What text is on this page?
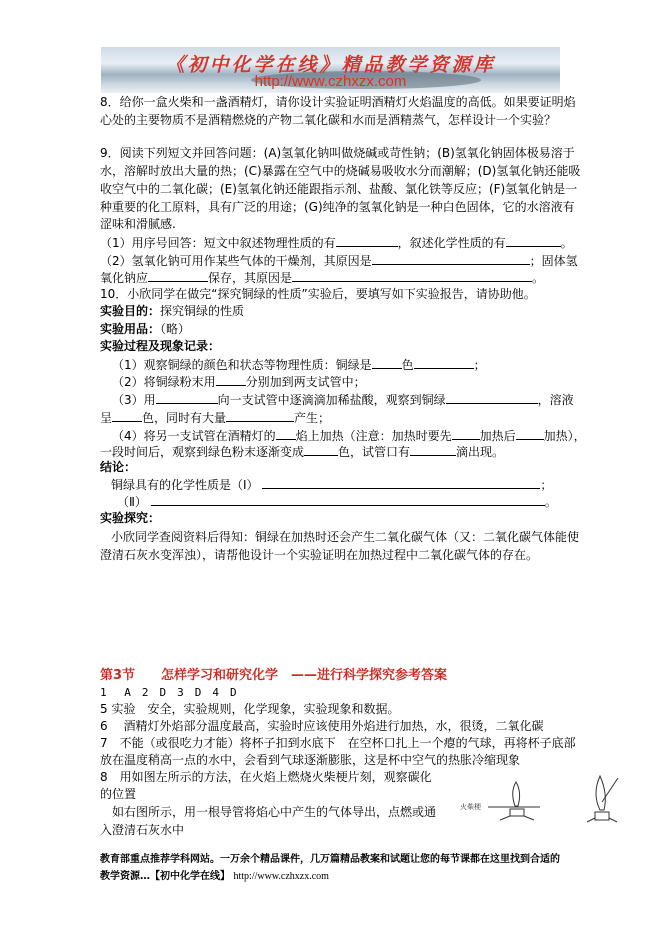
《初中化学在线》精品教学资源库
http://www.czhxzx.com
8．给你一盒火柴和一盏酒精灯，请你设计实验证明酒精灯火焰温度的高低。如果要证明焰
心处的主要物质不是酒精燃烧的产物二氧化碳和水而是酒精蒸气，怎样设计一个实验？
9．阅读下列短文并回答问题：(A)氢氧化钠叫做烧碱或苛性钠；(B)氢氧化钠固体极易溶于
水，溶解时放出大量的热；(C)暴露在空气中的烧碱易吸收水分而潮解；(D)氢氧化钠还能吸
收空气中的二氧化碳；(E)氢氧化钠还能跟指示剂、盐酸、氯化铁等反应；(F)氢氧化钠是一
种重要的化工原料，具有广泛的用途；(G)纯净的氢氧化钠是一种白色固体，它的水溶液有
涩味和滑腻感.
（1）用序号回答：短文中叙述物理性质的有	，叙述化学性质的有	。
（2）氢氧化钠可用作某些气体的干燥剂，其原因是	；固体氢
氧化钠应	保存，其原因是	。
10．小欣同学在做完“探究铜绿的性质”实验后，要填写如下实验报告，请协助他。
实验目的：探究铜绿的性质
实验用品：（略）
实验过程及现象记录：
（1）观察铜绿的颜色和状态等物理性质：铜绿是	色	；
（2）将铜绿粉末用	分别加到两支试管中；
（3）用	向一支试管中逐滴滴加稀盐酸，观察到铜绿	，溶液
呈	色，同时有大量	产生；
（4）将另一支试管在酒精灯的 焰上加热（注意：加热时要先 加热后 加热），
一段时间后，观察到绿色粉末逐渐变成	色，试管口有	滴出现。
结论：
铜绿具有的化学性质是（Ⅰ）	；
（Ⅱ）	。
实验探究：
小欣同学查阅资料后得知：铜绿在加热时还会产生二氧化碳气体（又：二氧化碳气体能使
澄清石灰水变浑浊），请帮他设计一个实验证明在加热过程中二氧化碳气体的存在。
第3节　　怎样学习和研究化学　——进行科学探究参考答案
1　 A　2　D　3　D　4　D
5 实验　安全，实验规则，化学现象，实验现象和数据。
6　 酒精灯外焰部分温度最高，实验时应该使用外焰进行加热，水，很烫，二氧化碳
7　不能（或很吃力才能）将杯子扣到水底下　在空杯口扎上一个瘪的气球，再将杯子底部
放在温度稍高一点的水中，会看到气球逐渐膨胀，这是杯中空气的热胀冷缩现象
8　用如图左所示的方法，在火焰上燃烧火柴梗片刻，观察碳化
的位置
　如右图所示，用一根导管将焰心中产生的气体导出，点燃或通
入澄清石灰水中
火柴梗
教育部重点推荐学科网站。一万余个精品课件，几万篇精品教案和试题让您的每节课都在这里找到合适的
教学资源…【初中化学在线】 http://www.czhxzx.com
